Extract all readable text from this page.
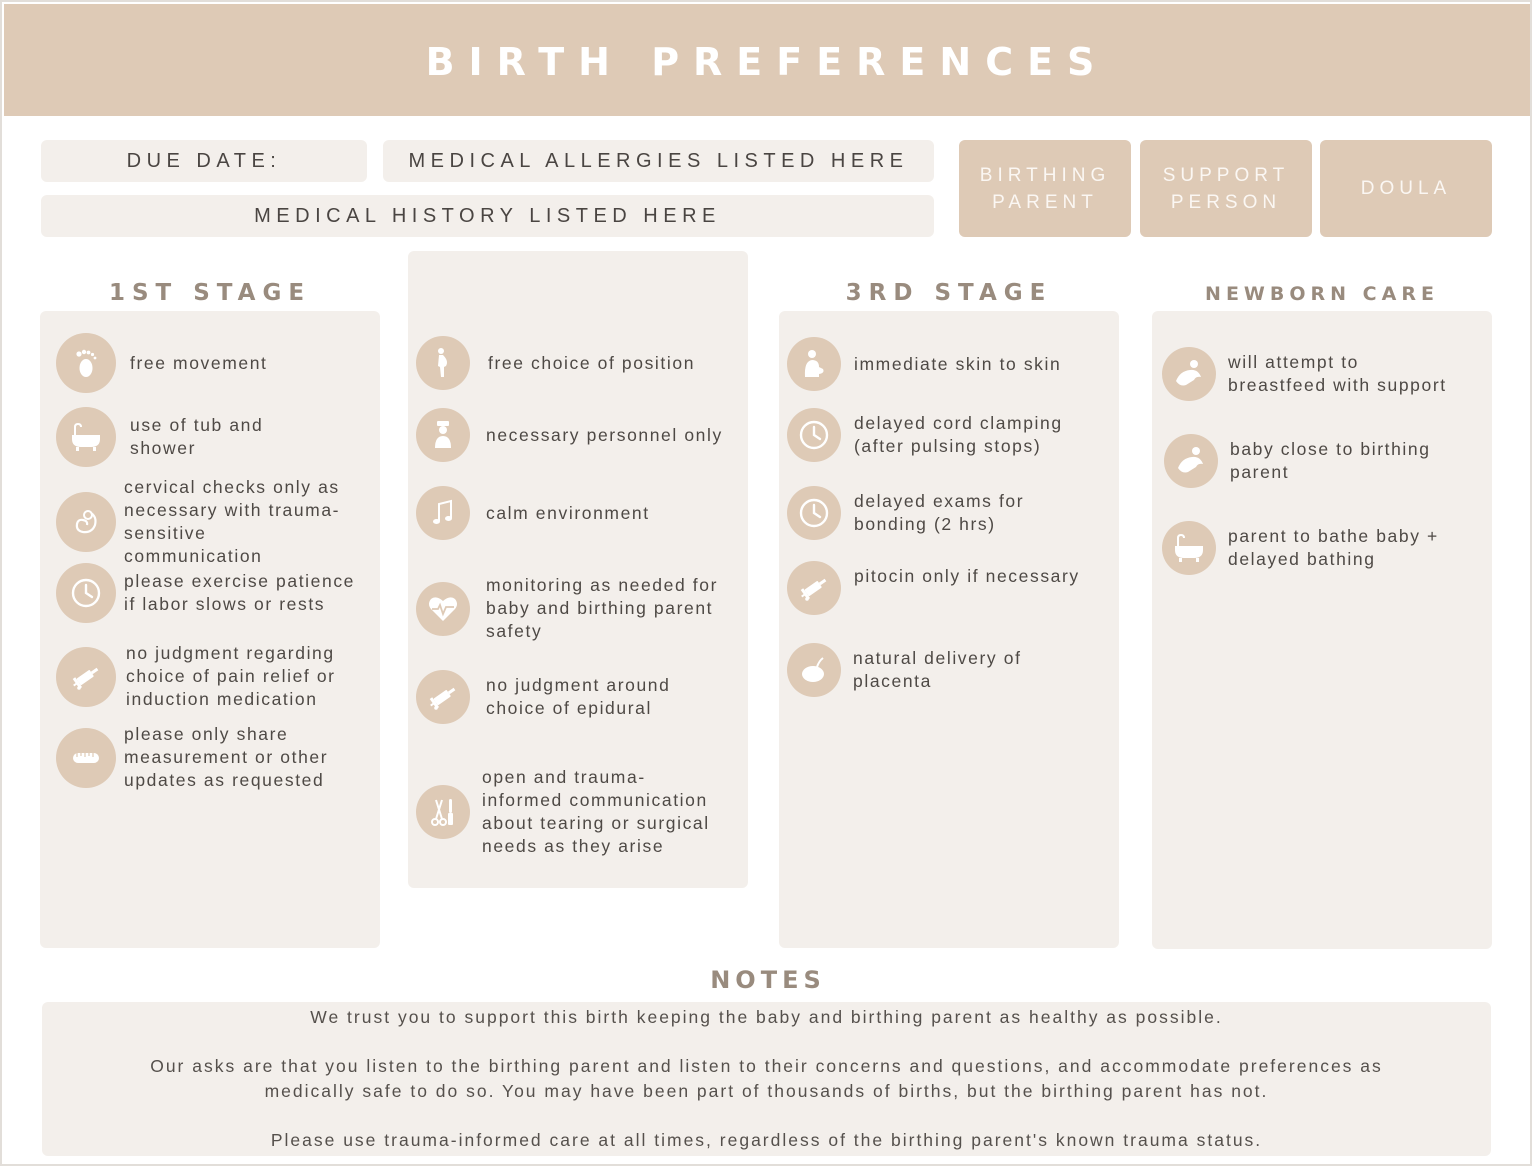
BIRTH PREFERENCES
DUE DATE:	MEDICAL ALLERGIES LISTED HERE
MEDICAL HISTORY LISTED HERE
BIRTHING
PARENT
SUPPORT
PERSON
DOULA
1ST STAGE	3RD STAGE	NEWBORN CARE
free movement
use of tub and
shower
cervical checks only as
necessary with trauma-
sensitive
communication
please exercise patience
if labor slows or rests
no judgment regarding
choice of pain relief or
induction medication
please only share
measurement or other
updates as requested
free choice of position
necessary personnel only
calm environment
monitoring as needed for
baby and birthing parent
safety
no judgment around
choice of epidural
open and trauma-
informed communication
about tearing or surgical
needs as they arise
immediate skin to skin
delayed cord clamping
(after pulsing stops)
delayed exams for
bonding (2 hrs)
pitocin only if necessary
natural delivery of
placenta
will attempt to
breastfeed with support
baby close to birthing
parent
parent to bathe baby +
delayed bathing
NOTES

We trust you to support this birth keeping the baby and birthing parent as healthy as possible.

Our asks are that you listen to the birthing parent and listen to their concerns and questions, and accommodate preferences as
medically safe to do so. You may have been part of thousands of births, but the birthing parent has not.

Please use trauma-informed care at all times, regardless of the birthing parent's known trauma status.
